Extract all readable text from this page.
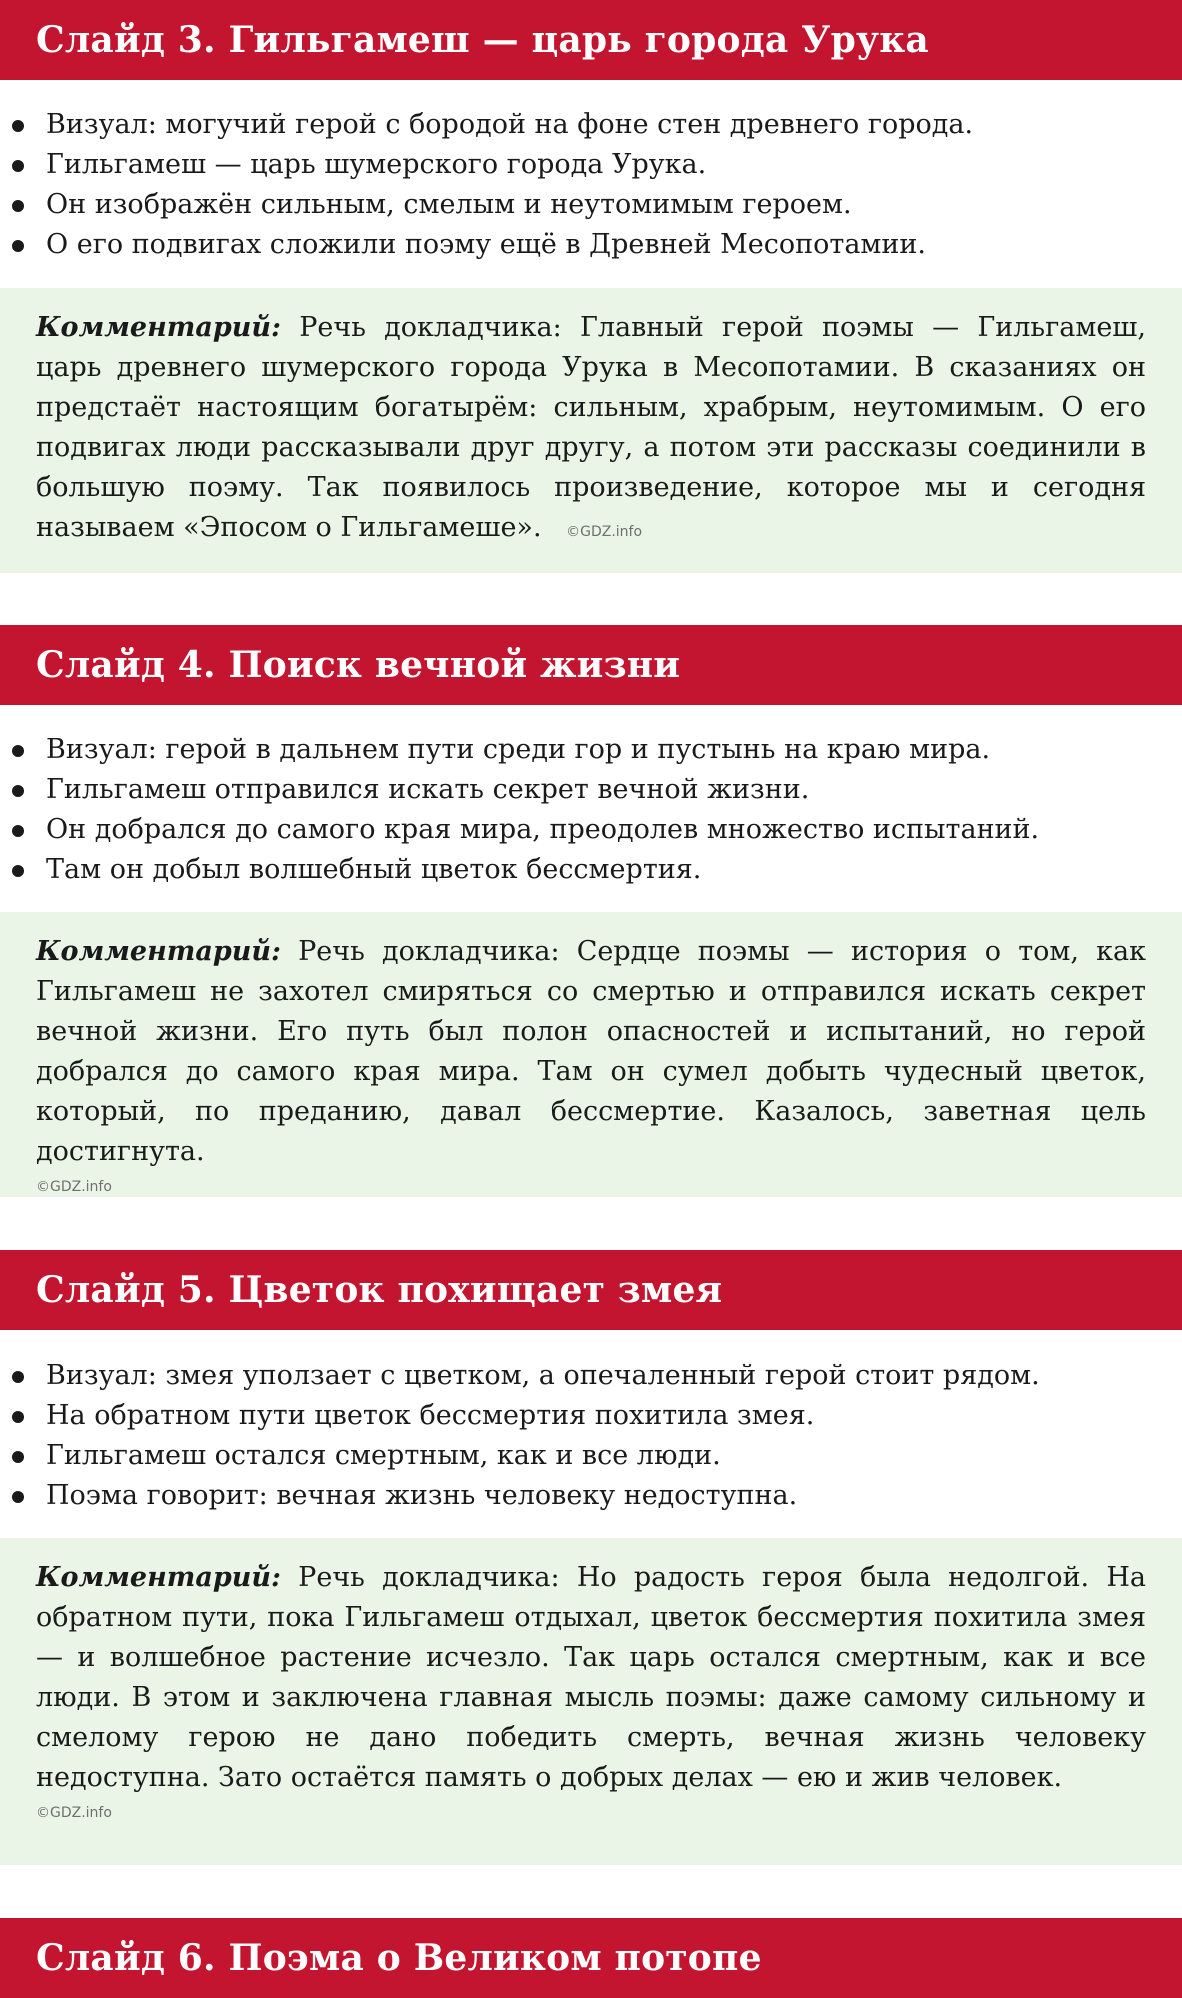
Слайд 3. Гильгамеш — царь города Урука
Визуал: могучий герой с бородой на фоне стен древнего города.
Гильгамеш — царь шумерского города Урука.
Он изображён сильным, смелым и неутомимым героем.
О его подвигах сложили поэму ещё в Древней Месопотамии.

Комментарий: Речь докладчика: Главный герой поэмы — Гильгамеш, царь древнего шумерского города Урука в Месопотамии. В сказаниях он предстаёт настоящим богатырём: сильным, храбрым, неутомимым. О его подвигах люди рассказывали друг другу, а потом эти рассказы соединили в большую поэму. Так появилось произведение, которое мы и сегодня называем «Эпосом о Гильгамеше». ©GDZ.info

Слайд 4. Поиск вечной жизни
Визуал: герой в дальнем пути среди гор и пустынь на краю мира.
Гильгамеш отправился искать секрет вечной жизни.
Он добрался до самого края мира, преодолев множество испытаний.
Там он добыл волшебный цветок бессмертия.

Комментарий: Речь докладчика: Сердце поэмы — история о том, как Гильгамеш не захотел смиряться со смертью и отправился искать секрет вечной жизни. Его путь был полон опасностей и испытаний, но герой добрался до самого края мира. Там он сумел добыть чудесный цветок, который, по преданию, давал бессмертие. Казалось, заветная цель достигнута.

©GDZ.info
Слайд 5. Цветок похищает змея
Визуал: змея уползает с цветком, а опечаленный герой стоит рядом.
На обратном пути цветок бессмертия похитила змея.
Гильгамеш остался смертным, как и все люди.
Поэма говорит: вечная жизнь человеку недоступна.

Комментарий: Речь докладчика: Но радость героя была недолгой. На обратном пути, пока Гильгамеш отдыхал, цветок бессмертия похитила змея — и волшебное растение исчезло. Так царь остался смертным, как и все люди. В этом и заключена главная мысль поэмы: даже самому сильному и смелому герою не дано победить смерть, вечная жизнь человеку недоступна. Зато остаётся память о добрых делах — ею и жив человек.

©GDZ.info
Слайд 6. Поэма о Великом потопе
